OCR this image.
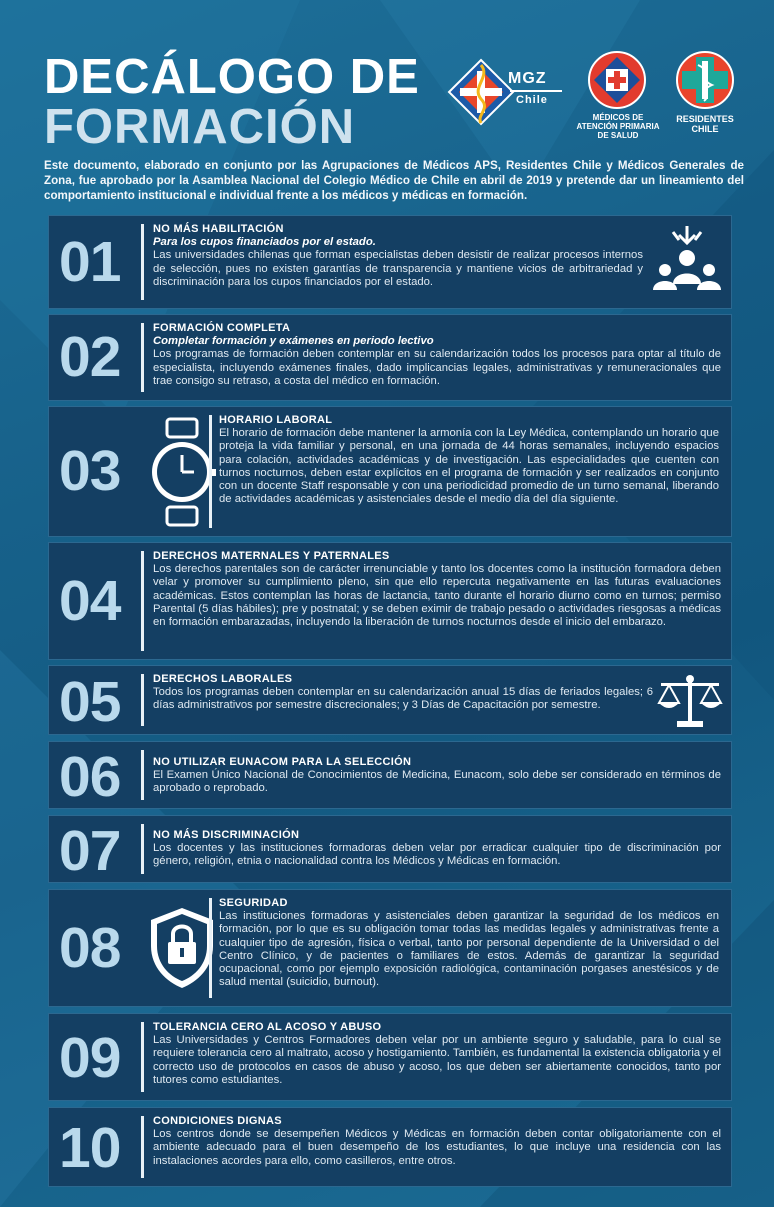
DECÁLOGO DE
FORMACIÓN
MGZ
Chile
MÉDICOS DE
ATENCIÓN PRIMARIA
DE SALUD
RESIDENTES
CHILE
Este documento, elaborado en conjunto por las Agrupaciones de Médicos APS, Residentes Chile y Médicos Generales de Zona, fue aprobado por la Asamblea Nacional del Colegio Médico de Chile en abril de 2019 y pretende dar un lineamiento del comportamiento institucional e individual frente a los médicos y médicas en formación.
01
NO MÁS HABILITACIÓN
Para los cupos financiados por el estado.
Las universidades chilenas que forman especialistas deben desistir de realizar procesos internos de selección, pues no existen garantías de transparencia y mantiene vicios de arbitrariedad y discriminación para los cupos financiados por el estado.
02	FORMACIÓN COMPLETA
Completar formación y exámenes en periodo lectivo
Los programas de formación deben contemplar en su calendarización todos los procesos para optar al título de especialista, incluyendo exámenes finales, dado implicancias legales, administrativas y remuneracionales que trae consigo su retraso, a costa del médico en formación.
03
HORARIO LABORAL
El horario de formación debe mantener la armonía con la Ley Médica, contemplando un horario que proteja la vida familiar y personal, en una jornada de 44 horas semanales, incluyendo espacios para colación, actividades académicas y de investigación. Las especialidades que cuenten con turnos nocturnos, deben estar explícitos en el programa de formación y ser realizados en conjunto con un docente Staff responsable y con una periodicidad promedio de un turno semanal, liberando de actividades académicas y asistenciales desde el medio día del día siguiente.
04
DERECHOS MATERNALES Y PATERNALES
Los derechos parentales son de carácter irrenunciable y tanto los docentes como la institución formadora deben velar y promover su cumplimiento pleno, sin que ello repercuta negativamente en las futuras evaluaciones académicas. Estos contemplan las horas de lactancia, tanto durante el horario diurno como en turnos; permiso Parental (5 días hábiles); pre y postnatal; y se deben eximir de trabajo pesado o actividades riesgosas a médicas en formación embarazadas, incluyendo la liberación de turnos nocturnos desde el inicio del embarazo.
05	DERECHOS LABORALES
Todos los programas deben contemplar en su calendarización anual 15 días de feriados legales; 6 días administrativos por semestre discrecionales; y 3 Días de Capacitación por semestre.
06	NO UTILIZAR EUNACOM PARA LA SELECCIÓN
El Examen Único Nacional de Conocimientos de Medicina, Eunacom, solo debe ser considerado en términos de aprobado o reprobado.
07	NO MÁS DISCRIMINACIÓN
Los docentes y las instituciones formadoras deben velar por erradicar cualquier tipo de discriminación por género, religión, etnia o nacionalidad contra los Médicos y Médicas en formación.
08
SEGURIDAD
Las instituciones formadoras y asistenciales deben garantizar la seguridad de los médicos en formación, por lo que es su obligación tomar todas las medidas legales y administrativas frente a cualquier tipo de agresión, física o verbal, tanto por personal dependiente de la Universidad o del Centro Clínico, y de pacientes o familiares de estos. Además de garantizar la seguridad ocupacional, como por ejemplo exposición radiológica, contaminación porgases anestésicos y de salud mental (suicidio, burnout).
09	TOLERANCIA CERO AL ACOSO Y ABUSO
Las Universidades y Centros Formadores deben velar por un ambiente seguro y saludable, para lo cual se requiere tolerancia cero al maltrato, acoso y hostigamiento. También, es fundamental la existencia obligatoria y el correcto uso de protocolos en casos de abuso y acoso, los que deben ser abiertamente conocidos, tanto por tutores como estudiantes.
10	CONDICIONES DIGNAS
Los centros donde se desempeñen Médicos y Médicas en formación deben contar obligatoriamente con el ambiente adecuado para el buen desempeño de los estudiantes, lo que incluye una residencia con las instalaciones acordes para ello, como casilleros, entre otros.
